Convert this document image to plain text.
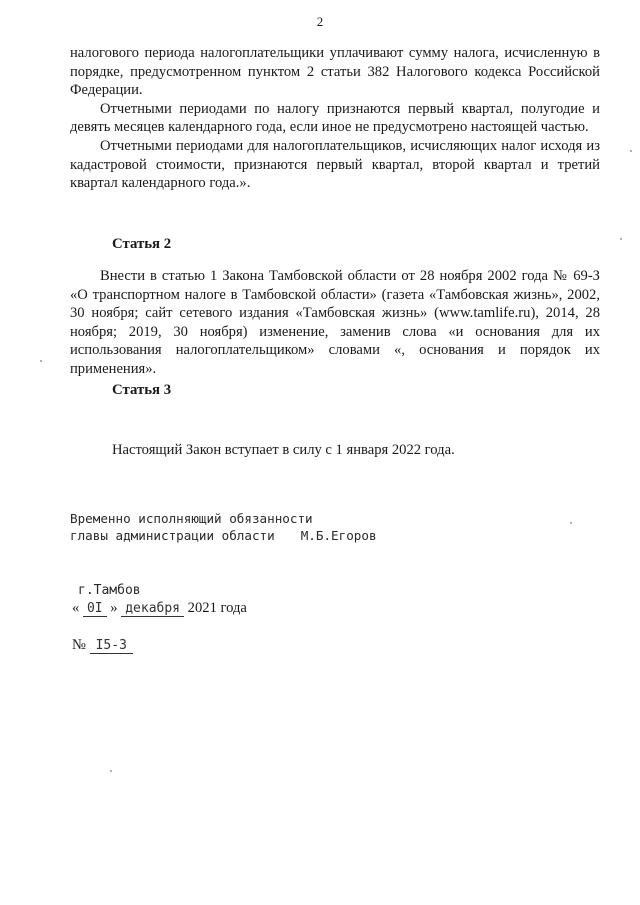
2

налогового периода налогоплательщики уплачивают сумму налога, исчисленную в порядке, предусмотренном пунктом 2 статьи 382 Налогового кодекса Российской Федерации.

Отчетными периодами по налогу признаются первый квартал, полугодие и девять месяцев календарного года, если иное не предусмотрено настоящей частью.

Отчетными периодами для налогоплательщиков, исчисляющих налог исходя из кадастровой стоимости, признаются первый квартал, второй квартал и третий квартал календарного года.».

Статья 2

Внести в статью 1 Закона Тамбовской области от 28 ноября 2002 года № 69-З «О транспортном налоге в Тамбовской области» (газета «Тамбовская жизнь», 2002, 30 ноября; сайт сетевого издания «Тамбовская жизнь» (www.tamlife.ru), 2014, 28 ноября; 2019, 30 ноября) изменение, заменив слова «и основания для их использования налогоплательщиком» словами «, основания и порядок их применения».

Статья 3
Настоящий Закон вступает в силу с 1 января 2022 года.
Временно исполняющий обязанности
главы администрации области М.Б.Егоров
г.Тамбов
« 0I » декабря 2021 года
№ I5-З
